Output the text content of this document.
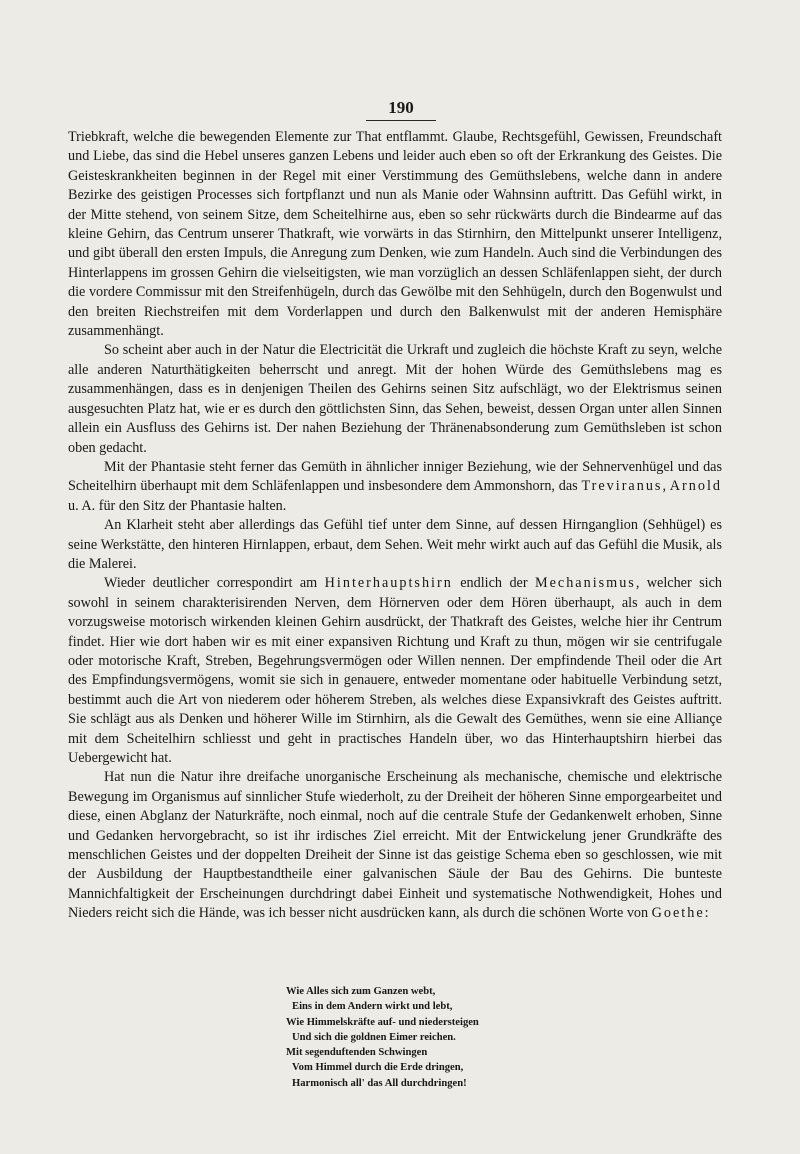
190

Triebkraft, welche die bewegenden Elemente zur That entflammt. Glaube, Rechtsgefühl, Gewissen, Freundschaft und Liebe, das sind die Hebel unseres ganzen Lebens und leider auch eben so oft der Erkrankung des Geistes. Die Geisteskrankheiten beginnen in der Regel mit einer Verstimmung des Gemüthslebens, welche dann in andere Bezirke des geistigen Processes sich fortpflanzt und nun als Manie oder Wahnsinn auftritt. Das Gefühl wirkt, in der Mitte stehend, von seinem Sitze, dem Scheitelhirne aus, eben so sehr rückwärts durch die Bindearme auf das kleine Gehirn, das Centrum unserer Thatkraft, wie vorwärts in das Stirnhirn, den Mittelpunkt unserer Intelligenz, und gibt überall den ersten Impuls, die Anregung zum Denken, wie zum Handeln. Auch sind die Verbindungen des Hinterlappens im grossen Gehirn die vielseitigsten, wie man vorzüglich an dessen Schläfenlappen sieht, der durch die vordere Commissur mit den Streifenhügeln, durch das Gewölbe mit den Sehhügeln, durch den Bogenwulst und den breiten Riechstreifen mit dem Vorderlappen und durch den Balkenwulst mit der anderen Hemisphäre zusammenhängt.

So scheint aber auch in der Natur die Electricität die Urkraft und zugleich die höchste Kraft zu seyn, welche alle anderen Naturthätigkeiten beherrscht und anregt. Mit der hohen Würde des Gemüthslebens mag es zusammenhängen, dass es in denjenigen Theilen des Gehirns seinen Sitz aufschlägt, wo der Elektrismus seinen ausgesuchten Platz hat, wie er es durch den göttlichsten Sinn, das Sehen, beweist, dessen Organ unter allen Sinnen allein ein Ausfluss des Gehirns ist. Der nahen Beziehung der Thränenabsonderung zum Gemüthsleben ist schon oben gedacht.

Mit der Phantasie steht ferner das Gemüth in ähnlicher inniger Beziehung, wie der Sehnervenhügel und das Scheitelhirn überhaupt mit dem Schläfenlappen und insbesondere dem Ammonshorn, das Treviranus, Arnold u. A. für den Sitz der Phantasie halten.

An Klarheit steht aber allerdings das Gefühl tief unter dem Sinne, auf dessen Hirnganglion (Sehhügel) es seine Werkstätte, den hinteren Hirnlappen, erbaut, dem Sehen. Weit mehr wirkt auch auf das Gefühl die Musik, als die Malerei.

Wieder deutlicher correspondirt am Hinterhauptshirn endlich der Mechanismus, welcher sich sowohl in seinem charakterisirenden Nerven, dem Hörnerven oder dem Hören überhaupt, als auch in dem vorzugsweise motorisch wirkenden kleinen Gehirn ausdrückt, der Thatkraft des Geistes, welche hier ihr Centrum findet. Hier wie dort haben wir es mit einer expansiven Richtung und Kraft zu thun, mögen wir sie centrifugale oder motorische Kraft, Streben, Begehrungsvermögen oder Willen nennen. Der empfindende Theil oder die Art des Empfindungsvermögens, womit sie sich in genauere, entweder momentane oder habituelle Verbindung setzt, bestimmt auch die Art von niederem oder höherem Streben, als welches diese Expansivkraft des Geistes auftritt. Sie schlägt aus als Denken und höherer Wille im Stirnhirn, als die Gewalt des Gemüthes, wenn sie eine Alliançe mit dem Scheitelhirn schliesst und geht in practisches Handeln über, wo das Hinterhauptshirn hierbei das Uebergewicht hat.

Hat nun die Natur ihre dreifache unorganische Erscheinung als mechanische, chemische und elektrische Bewegung im Organismus auf sinnlicher Stufe wiederholt, zu der Dreiheit der höheren Sinne emporgearbeitet und diese, einen Abglanz der Naturkräfte, noch einmal, noch auf die centrale Stufe der Gedankenwelt erhoben, Sinne und Gedanken hervorgebracht, so ist ihr irdisches Ziel erreicht. Mit der Entwickelung jener Grundkräfte des menschlichen Geistes und der doppelten Dreiheit der Sinne ist das geistige Schema eben so geschlossen, wie mit der Ausbildung der Hauptbestandtheile einer galvanischen Säule der Bau des Gehirns. Die bunteste Mannichfaltigkeit der Erscheinungen durchdringt dabei Einheit und systematische Nothwendigkeit, Hohes und Nieders reicht sich die Hände, was ich besser nicht ausdrücken kann, als durch die schönen Worte von Goethe:

Wie Alles sich zum Ganzen webt,
Eins in dem Andern wirkt und lebt,
Wie Himmelskräfte auf- und niedersteigen
Und sich die goldnen Eimer reichen.
Mit segenduftenden Schwingen
Vom Himmel durch die Erde dringen,
Harmonisch all' das All durchdringen!
